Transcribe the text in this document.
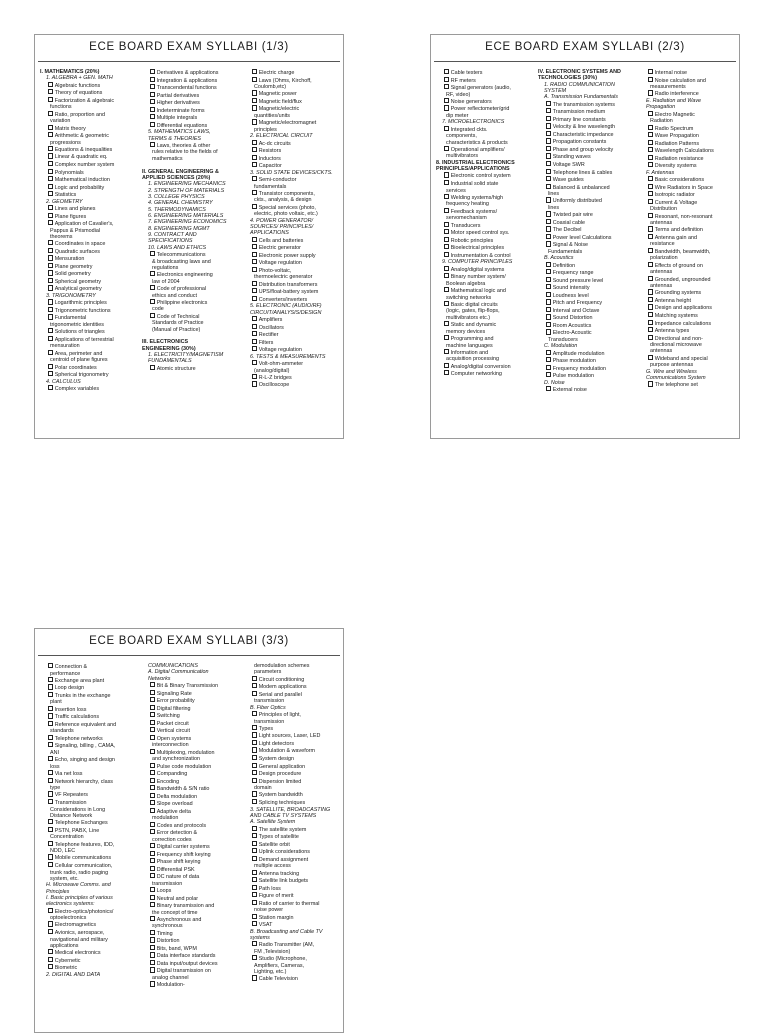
ECE BOARD EXAM SYLLABI (1/3)
I. MATHEMATICS (20%)
1. ALGEBRA + GEN. MATH
Algebraic functions
Theory of equations
Factorization & algebraic
functions
Ratio, proportion and
variation
Matrix theory
Arithmetic & geometric
progressions
Equations & inequalities
Linear & quadratic eq.
Complex number system
Polynomials
Mathematical induction
Logic and probability
Statistics
2. GEOMETRY
Lines and planes
Plane figures
Application of Cavalier's,
Pappus & Prismodial
theorems
Coordinates in space
Quadratic surfaces
Mensuration
Plane geometry
Solid geometry
Spherical geometry
Analytical geometry
3. TRIGONOMETRY
Logarithmic principles
Trigonometric functions
Fundamental
trigonometric identities
Solutions of triangles
Applications of terrestrial
mensuration
Area, perimeter and
centroid of plane figures
Polar coordinates
Spherical trigonometry
4. CALCULUS
Complex variables
Derivatives & applications
Integration & applications
Transcendental functions
Partial derivatives
Higher derivatives
Indeterminate forms
Multiple integrals
Differential equations
5. MATHEMATICS LAWS,
TERMS & THEORIES
Laws, theories & other
rules relative to the fields of
mathematics

II. GENERAL ENGINEERING &
APPLIED SCIENCES (20%)
1. ENGINEERING MECHANICS
2. STRENGTH OF MATERIALS
3. COLLEGE PHYSICS
4. GENERAL CHEMISTRY
5. THERMODYNAMICS
6. ENGINEERING MATERIALS
7. ENGINEERING ECONOMICS
8. ENGINEERING MGMT
9. CONTRACT AND
SPECIFICATIONS
10. LAWS AND ETHICS
Telecommunications
& broadcasting laws and
regulations
Electronics engineering
law of 2004
Code of professional
ethics and conduct
Philippine electronics
code
Code of Technical
Standards of Practice
(Manual of Practice)

III. ELECTRONICS
ENGINEERING (30%)
1. ELECTRICITY/MAGNETISM
FUNDAMENTALS
Atomic structure
Electric charge
Laws (Ohms, Kirchoff,
Coulomb,etc)
Magnetic power
Magnetic field/flux
Magnetic/electric
quantities/units
Magnetic/electromagnet
principles
2. ELECTRICAL CIRCUIT
Ac-dc circuits
Resistors
Inductors
Capacitor
3. SOLID STATE DEVICES/CKTS.
Semi-conductor
fundamentals
Transistor components,
ckts., analysis, & design
Special services (photo,
electric, photo voltaic, etc.)
4. POWER GENERATOR/
SOURCES/ PRINCIPLES/
APPLICATIONS
Cells and batteries
Electric generator
Electronic power supply
Voltage regulation
Photo-voltaic,
thermoelectric generator
Distribution transformers
UPS/float-battery system
Converters/inverters
5. ELECTRONIC (AUDIO/RF)
CIRCUIT/ANALYSIS/DESIGN
Amplifiers
Oscillators
Rectifier
Filters
Voltage regulation
6. TESTS & MEASUREMENTS
Volt-ohm-ammeter
(analog/digital)
R-L-Z bridges
Oscilloscope
ECE BOARD EXAM SYLLABI (2/3)
Cable testers
RF meters
Signal generators (audio,
RF, video)
Noise generators
Power reflectometer/grid
dip meter
7. MICROELECTRONICS
Integrated ckts.
components,
characteristics & products
Operational amplifiers/
multivibrators
8. INDUSTRIAL ELECTRONICS
PRINCIPLES/APPLICATIONS
Electronic control system
Industrial solid state
services
Welding systems/high
frequency heating
Feedback systems/
servomechanism
Transducers
Motor speed control sys.
Robotic principles
Bioelectrical principles
Instrumentation & control
9. COMPUTER PRINCIPLES
Analog/digital systems
Binary number system/
Boolean algebra
Mathematical logic and
switching networks
Basic digital circuits
(logic, gates, flip-flops,
multivibrators etc.)
Static and dynamic
memory devices
Programming and
machine languages
Information and
acquisition processing
Analog/digital conversion
Computer networking
IV. ELECTRONIC SYSTEMS AND
TECHNOLOGIES (30%)
1. RADIO COMMUNICATION
SYSTEM
A. Transmission Fundamentals
The transmission systems
Transmission medium
Primary line constants
Velocity & line wavelength
Characteristic impedance
Propagation constants
Phase and group velocity
Standing waves
Voltage SWR
Telephone lines & cables
Wave guides
Balanced & unbalanced
lines
Uniformly distributed
lines
Twisted pair wire
Coaxial cable
The Decibel
Power level Calculations
Signal & Noise
Fundamentals
B. Acoustics
Definition
Frequency range
Sound pressure level
Sound intensity
Loudness level
Pitch and Frequency
Interval and Octave
Sound Distortion
Room Acoustics
Electro-Acoustic
Transducers
C. Modulation
Amplitude modulation
Phase modulation
Frequency modulation
Pulse modulation
D. Noise
External noise
Internal noise
Noise calculation and
measurements
Radio interference
E. Radiation and Wave
Propagation
Electro Magnetic
Radiation
Radio Spectrum
Wave Propagation
Radiation Patterns
Wavelength Calculations
Radiation resistance
Diversity systems
F. Antennas
Basic considerations
Wire Radiators in Space
Isotropic radiator
Current & Voltage
Distribution
Resonant, non-resonant
antennas
Terms and definition
Antenna gain and
resistance
Bandwidth, beamwidth,
polarization
Effects of ground on
antennas
Grounded, ungrounded
antennas
Grounding systems
Antenna height
Design and applications
Matching systems
Impedance calculations
Antenna types
Directional and non-
directional microwave
antennas
Wideband and special
purpose antennas
G. Wire and Wireless
Communications System
The telephone set
ECE BOARD EXAM SYLLABI (3/3)
Connection &
performance
Exchange area plant
Loop design
Trunks in the exchange
plant
Insertion loss
Traffic calculations
Reference equivalent and
standards
Telephone networks
Signaling, billing , CAMA,
ANI
Echo, singing and design
loss
Via net loss
Network hierarchy, class
type
VF Repeaters
Transmission
Considerations in Long
Distance Network
Telephone Exchanges
PSTN, PABX, Line
Concentration
Telephone features, IDD,
NDD, LEC
Mobile communications
Cellular communication,
trunk radio, radio paging
system, etc.
H. Microwave Comms. and
Principles
I. Basic principles of various
electronics systems:
Electro-optics/photonics/
optoelectronics
Electromagnetics
Avionics, aerospace,
navigational and military
applications
Medical electronics
Cybernetic
Biometric
2. DIGITAL AND DATA
COMMUNICATIONS
A. Digital Communication
Networks
Bit & Binary Transmission
Signaling Rate
Error probability
Digital filtering
Switching
Packet circuit
Vertical circuit
Open systems
interconnection
Multiplexing, modulation
and synchronization
Pulse code modulation
Companding
Encoding
Bandwidth & S/N ratio
Delta modulation
Slope overload
Adaptive delta
modulation
Codes and protocols
Error detection &
correction codes
Digital carrier systems
Frequency shift keying
Phase shift keying
Differential PSK
DC nature of data
transmission
Loops
Neutral and polar
Binary transmission and
the concept of time
Asynchronous and
synchronous
Timing
Distortion
Bits, band, WPM
Data interface standards
Data input/output devices
Digital transmission on
analog channel
Modulation-
demodulation schemes
parameters
Circuit conditioning
Modem applications
Serial and parallel
transmission
B. Fiber Optics
Principles of light,
transmission
Types
Light sources, Laser, LED
Light detectors
Modulation & waveform
System design
General application
Design procedure
Dispersion limited
domain
System bandwidth
Splicing techniques
3. SATELLITE, BROADCASTING
AND CABLE TV SYSTEMS
A. Satellite System
The satellite system
Types of satellite
Satellite orbit
Uplink considerations
Demand assignment
multiple access
Antenna tracking
Satellite link budgets
Path loss
Figure of merit
Ratio of carrier to thermal
noise power
Station margin
VSAT
B. Broadcasting and Cable TV
systems
Radio Transmitter (AM,
FM ,Television)
Studio (Microphone,
Amplifiers, Cameras,
Lighting, etc.)
Cable Television
